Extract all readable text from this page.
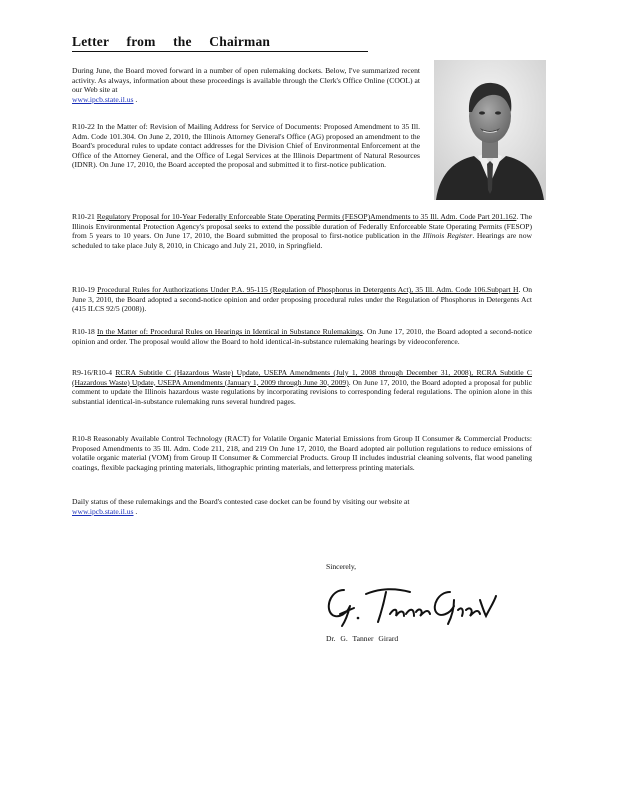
Letter from the Chairman

During June, the Board moved forward in a number of open rulemaking dockets. Below, I've summarized recent activity. As always, information about these proceedings is available through the Clerk's Office Online (COOL) at our Web site at
www.ipcb.state.il.us .

R10-22 In the Matter of: Revision of Mailing Address for Service of Documents: Proposed Amendment to 35 Ill. Adm. Code 101.304. On June 2, 2010, the Illinois Attorney General's Office (AG) proposed an amendment to the Board's procedural rules to update contact addresses for the Division Chief of Environmental Enforcement at the Office of the Attorney General, and the Office of Legal Services at the Illinois Department of Natural Resources (IDNR). On June 17, 2010, the Board accepted the proposal and submitted it to first-notice publication.

R10-21 Regulatory Proposal for 10-Year Federally Enforceable State Operating Permits (FESOP)Amendments to 35 Ill. Adm. Code Part 201.162. The Illinois Environmental Protection Agency's proposal seeks to extend the possible duration of Federally Enforceable State Operating Permits (FESOP) from 5 years to 10 years. On June 17, 2010, the Board submitted the proposal to first-notice publication in the Illinois Register. Hearings are now scheduled to take place July 8, 2010, in Chicago and July 21, 2010, in Springfield.

R10-19 Procedural Rules for Authorizations Under P.A. 95-115 (Regulation of Phosphorus in Detergents Act), 35 Ill. Adm. Code 106.Subpart H. On June 3, 2010, the Board adopted a second-notice opinion and order proposing procedural rules under the Regulation of Phosphorus in Detergents Act (415 ILCS 92/5 (2008)).

R10-18 In the Matter of: Procedural Rules on Hearings in Identical in Substance Rulemakings. On June 17, 2010, the Board adopted a second-notice opinion and order. The proposal would allow the Board to hold identical-in-substance rulemaking hearings by videoconference.

R9-16/R10-4 RCRA Subtitle C (Hazardous Waste) Update, USEPA Amendments (July 1, 2008 through December 31, 2008), RCRA Subtitle C (Hazardous Waste) Update, USEPA Amendments (January 1, 2009 through June 30, 2009). On June 17, 2010, the Board adopted a proposal for public comment to update the Illinois hazardous waste regulations by incorporating revisions to corresponding federal regulations. The opinion alone in this substantial identical-in-substance rulemaking runs several hundred pages.

R10-8 Reasonably Available Control Technology (RACT) for Volatile Organic Material Emissions from Group II Consumer & Commercial Products: Proposed Amendments to 35 Ill. Adm. Code 211, 218, and 219 On June 17, 2010, the Board adopted air pollution regulations to reduce emissions of volatile organic material (VOM) from Group II Consumer & Commercial Products. Group II includes industrial cleaning solvents, flat wood paneling coatings, flexible packaging printing materials, lithographic printing materials, and letterpress printing materials.

Daily status of these rulemakings and the Board's contested case docket can be found by visiting our website at
www.ipcb.state.il.us .

Sincerely,
Dr. G. Tanner Girard
